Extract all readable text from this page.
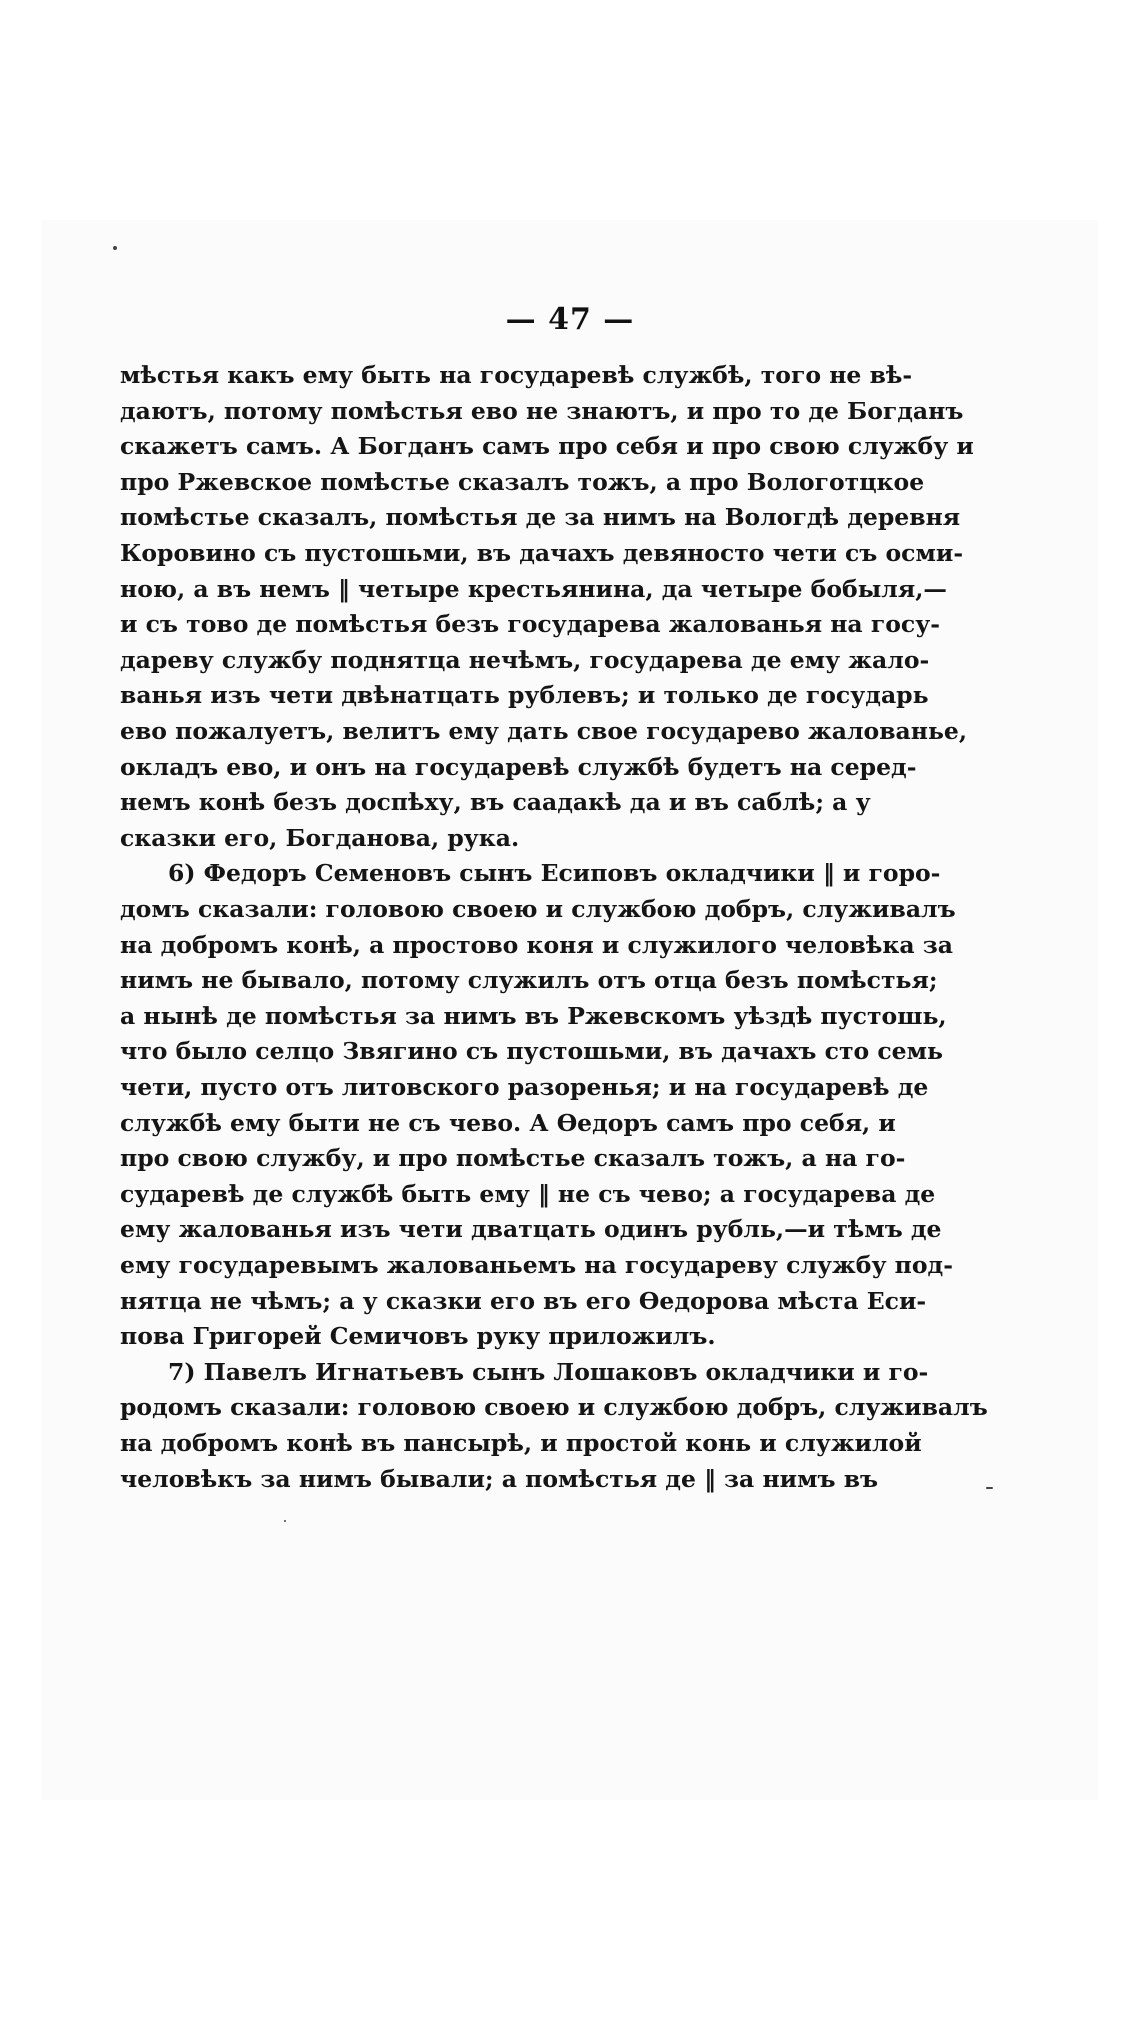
— 47 —
мѣстья какъ ему быть на государевѣ службѣ, того не вѣ-
даютъ, потому помѣстья ево не знаютъ, и про то де Богданъ
скажетъ самъ. А Богданъ самъ про себя и про свою службу и
про Ржевское помѣстье сказалъ тожъ, а про Вологотцкое
помѣстье сказалъ, помѣстья де за нимъ на Вологдѣ деревня
Коровино съ пустошьми, въ дачахъ девяносто чети съ осми-
ною, а въ немъ ‖ четыре крестьянина, да четыре бобыля,—
и съ тово де помѣстья безъ государева жалованья на госу-
дареву службу поднятца нечѣмъ, государева де ему жало-
ванья изъ чети двѣнатцать рублевъ; и только де государь
ево пожалуетъ, велитъ ему дать свое государево жалованье,
окладъ ево, и онъ на государевѣ службѣ будетъ на серед-
немъ конѣ безъ доспѣху, въ саадакѣ да и въ саблѣ; а у
сказки его, Богданова, рука.
6) Федоръ Семеновъ сынъ Есиповъ окладчики ‖ и горо-
домъ сказали: головою своею и службою добръ, служивалъ
на добромъ конѣ, а простово коня и служилого человѣка за
нимъ не бывало, потому служилъ отъ отца безъ помѣстья;
а нынѣ де помѣстья за нимъ въ Ржевскомъ уѣздѣ пустошь,
что было селцо Звягино съ пустошьми, въ дачахъ сто семь
чети, пусто отъ литовского разоренья; и на государевѣ де
службѣ ему быти не съ чево. А Ѳедоръ самъ про себя, и
про свою службу, и про помѣстье сказалъ тожъ, а на го-
сударевѣ де службѣ быть ему ‖ не съ чево; а государева де
ему жалованья изъ чети дватцать одинъ рубль,—и тѣмъ де
ему государевымъ жалованьемъ на государеву службу под-
нятца не чѣмъ; а у сказки его въ его Ѳедорова мѣста Еси-
пова Григорей Семичовъ руку приложилъ.
7) Павелъ Игнатьевъ сынъ Лошаковъ окладчики и го-
родомъ сказали: головою своею и службою добръ, служивалъ
на добромъ конѣ въ пансырѣ, и простой конь и служилой
человѣкъ за нимъ бывали; а помѣстья де ‖ за нимъ въ
